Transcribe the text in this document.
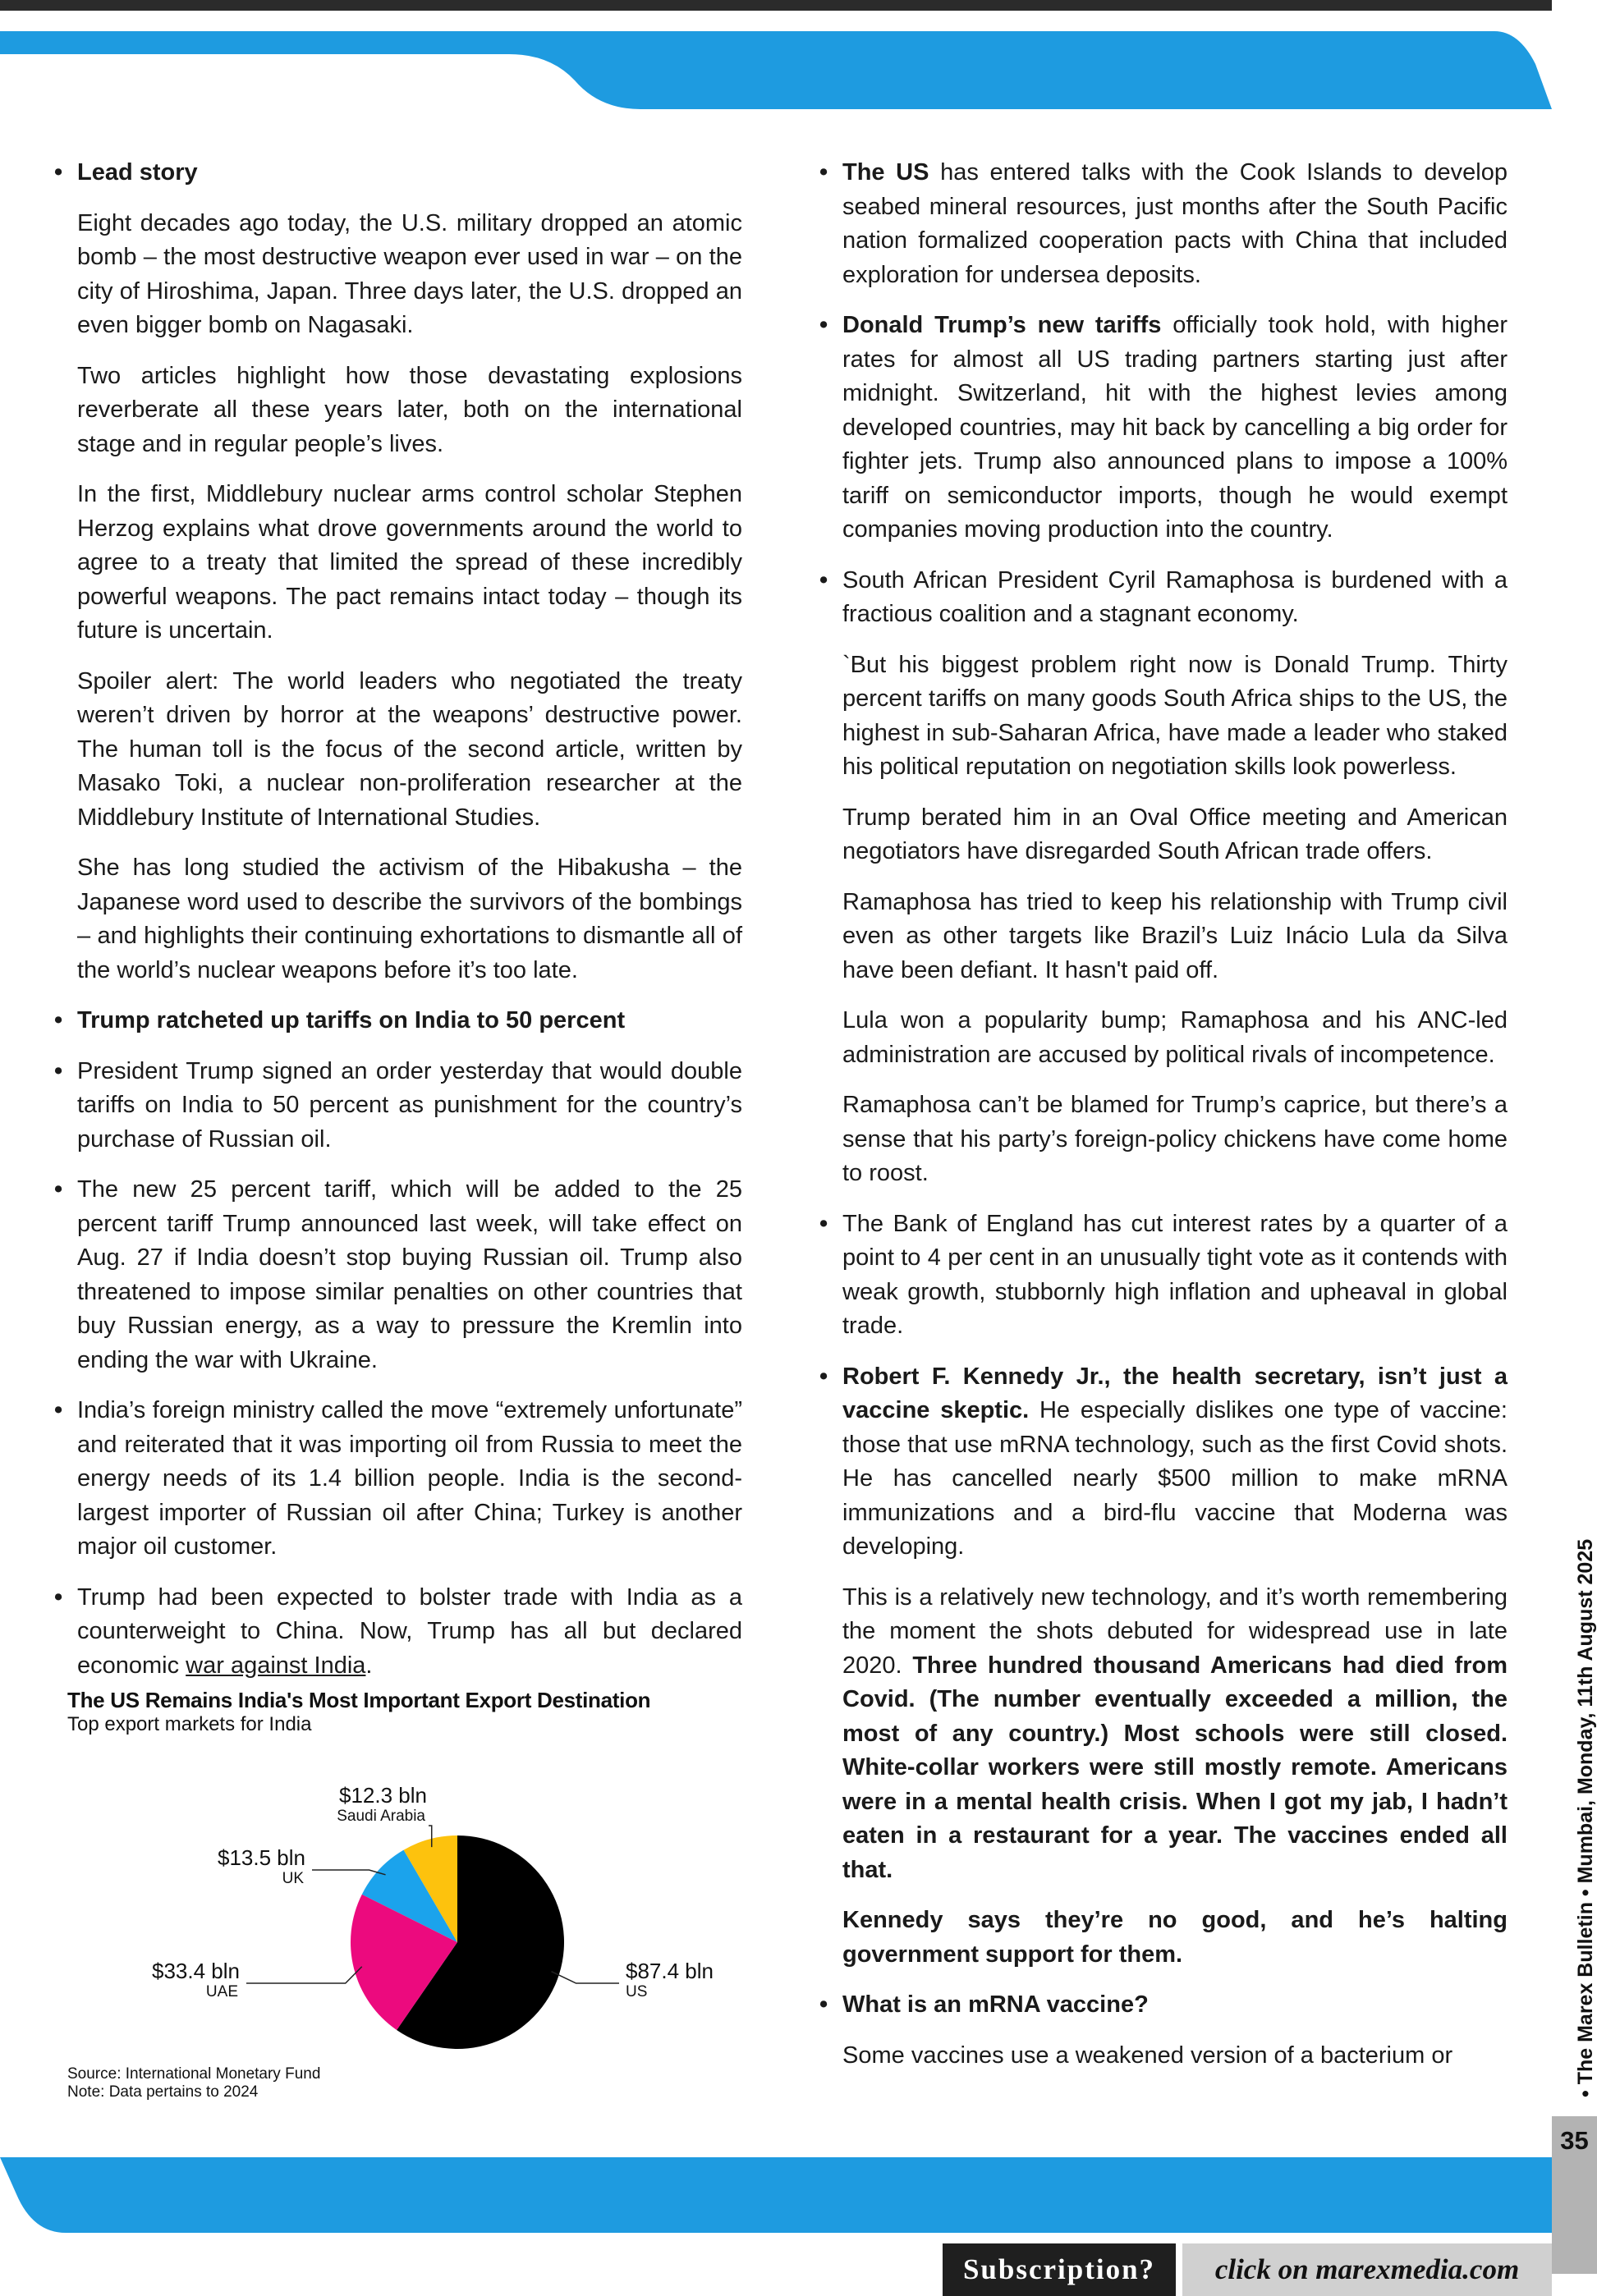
• Lead story

Eight decades ago today, the U.S. military dropped an atomic bomb – the most destructive weapon ever used in war – on the city of Hiroshima, Japan. Three days later, the U.S. dropped an even bigger bomb on Nagasaki.

Two articles highlight how those devastating explosions reverberate all these years later, both on the international stage and in regular people’s lives.

In the first, Middlebury nuclear arms control scholar Stephen Herzog explains what drove governments around the world to agree to a treaty that limited the spread of these incredibly powerful weapons. The pact remains intact today – though its future is uncertain.

Spoiler alert: The world leaders who negotiated the treaty weren’t driven by horror at the weapons’ destructive power. The human toll is the focus of the second article, written by Masako Toki, a nuclear non-proliferation researcher at the Middlebury Institute of International Studies.

She has long studied the activism of the Hibakusha – the Japanese word used to describe the survivors of the bombings – and highlights their continuing exhortations to dismantle all of the world’s nuclear weapons before it’s too late.

• Trump ratcheted up tariffs on India to 50 percent

• President Trump signed an order yesterday that would double tariffs on India to 50 percent as punishment for the country’s purchase of Russian oil.

• The new 25 percent tariff, which will be added to the 25 percent tariff Trump announced last week, will take effect on Aug. 27 if India doesn’t stop buying Russian oil. Trump also threatened to impose similar penalties on other countries that buy Russian energy, as a way to pressure the Kremlin into ending the war with Ukraine.

• India’s foreign ministry called the move “extremely unfortunate” and reiterated that it was importing oil from Russia to meet the energy needs of its 1.4 billion people. India is the second-largest importer of Russian oil after China; Turkey is another major oil customer.

• Trump had been expected to bolster trade with India as a counterweight to China. Now, Trump has all but declared economic war against India.

The US Remains India's Most Important Export Destination
Top export markets for India
$87.4 bln
US
$33.4 bln
UAE
$13.5 bln
UK
$12.3 bln
Saudi Arabia
Source: International Monetary Fund
Note: Data pertains to 2024

• The US has entered talks with the Cook Islands to develop seabed mineral resources, just months after the South Pacific nation formalized cooperation pacts with China that included exploration for undersea deposits.

• Donald Trump’s new tariffs officially took hold, with higher rates for almost all US trading partners starting just after midnight. Switzerland, hit with the highest levies among developed countries, may hit back by cancelling a big order for fighter jets. Trump also announced plans to impose a 100% tariff on semiconductor imports, though he would exempt companies moving production into the country.

• South African President Cyril Ramaphosa is burdened with a fractious coalition and a stagnant economy.

`But his biggest problem right now is Donald Trump. Thirty percent tariffs on many goods South Africa ships to the US, the highest in sub-Saharan Africa, have made a leader who staked his political reputation on negotiation skills look powerless.

Trump berated him in an Oval Office meeting and American negotiators have disregarded South African trade offers.

Ramaphosa has tried to keep his relationship with Trump civil even as other targets like Brazil’s Luiz Inácio Lula da Silva have been defiant. It hasn't paid off.

Lula won a popularity bump; Ramaphosa and his ANC-led administration are accused by political rivals of incompetence.

Ramaphosa can’t be blamed for Trump’s caprice, but there’s a sense that his party’s foreign-policy chickens have come home to roost.

• The Bank of England has cut interest rates by a quarter of a point to 4 per cent in an unusually tight vote as it contends with weak growth, stubbornly high inflation and upheaval in global trade.

• Robert F. Kennedy Jr., the health secretary, isn’t just a vaccine skeptic. He especially dislikes one type of vaccine: those that use mRNA technology, such as the first Covid shots. He has cancelled nearly $500 million to make mRNA immunizations and a bird-flu vaccine that Moderna was developing.

This is a relatively new technology, and it’s worth remembering the moment the shots debuted for widespread use in late 2020. Three hundred thousand Americans had died from Covid. (The number eventually exceeded a million, the most of any country.) Most schools were still closed. White-collar workers were still mostly remote. Americans were in a mental health crisis. When I got my jab, I hadn’t eaten in a restaurant for a year. The vaccines ended all that.

Kennedy says they’re no good, and he’s halting government support for them.

• What is an mRNA vaccine?

Some vaccines use a weakened version of a bacterium or	• The Marex Bulletin • Mumbai, Monday, 11th August 2025
35
Subscription?	click on marexmedia.com
